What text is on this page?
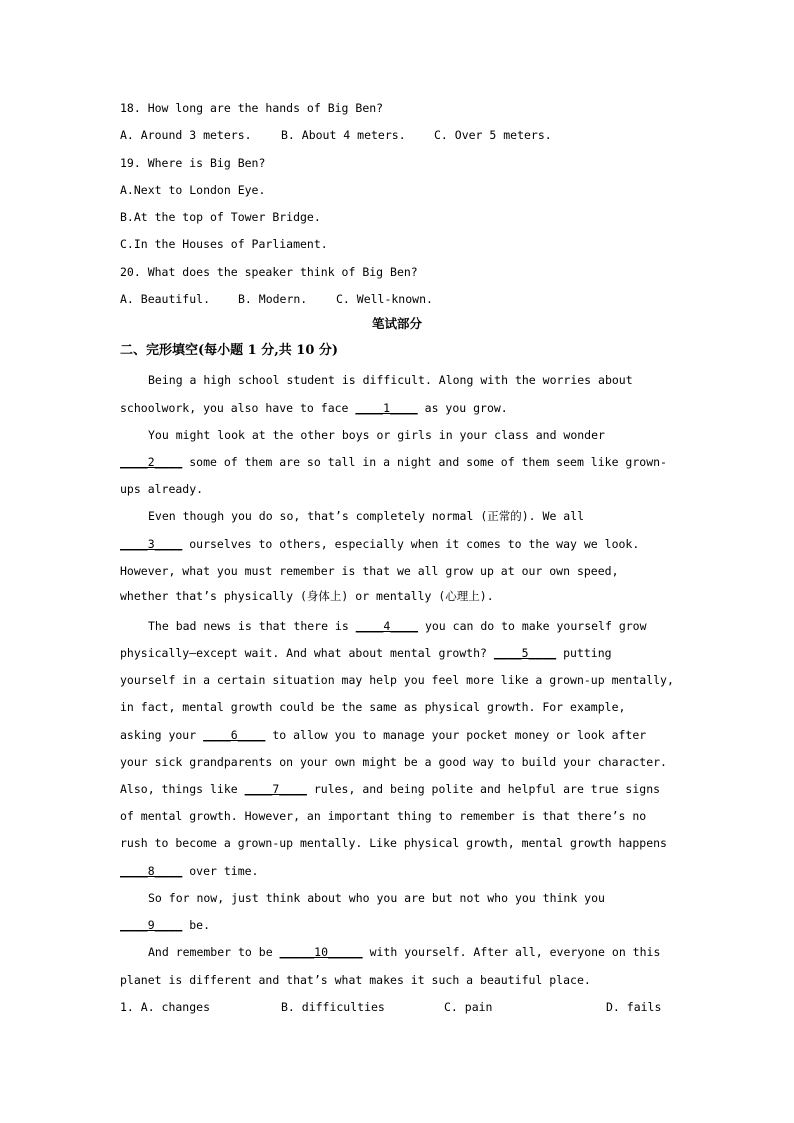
18. How long are the hands of Big Ben?
A. Around 3 meters.	B. About 4 meters. C. Over 5 meters.
19. Where is Big Ben?
A.Next to London Eye.
B.At the top of Tower Bridge.
C.In the Houses of Parliament.
20. What does the speaker think of Big Ben?
A. Beautiful. B. Modern.	C. Well-known.
笔试部分
二、完形填空(每小题 1 分,共 10 分)
Being a high school student is difficult. Along with the worries about
schoolwork, you also have to face ____1____ as you grow.
You might look at the other boys or girls in your class and wonder
____2____ some of them are so tall in a night and some of them seem like grown-
ups already.
Even though you do so, that’s completely normal (正常的). We all
____3____ ourselves to others, especially when it comes to the way we look.
However, what you must remember is that we all grow up at our own speed,
whether that’s physically (身体上) or mentally (心理上).
The bad news is that there is ____4____ you can do to make yourself grow
physically—except wait. And what about mental growth? ____5____ putting
yourself in a certain situation may help you feel more like a grown-up mentally,
in fact, mental growth could be the same as physical growth. For example,
asking your ____6____ to allow you to manage your pocket money or look after
your sick grandparents on your own might be a good way to build your character.
Also, things like ____7____ rules, and being polite and helpful are true signs
of mental growth. However, an important thing to remember is that there’s no
rush to become a grown-up mentally. Like physical growth, mental growth happens
____8____ over time.
So for now, just think about who you are but not who you think you
____9____ be.
And remember to be _____10_____ with yourself. After all, everyone on this
planet is different and that’s what makes it such a beautiful place.
1. A. changes	B. difficulties	C. pain	D. fails
